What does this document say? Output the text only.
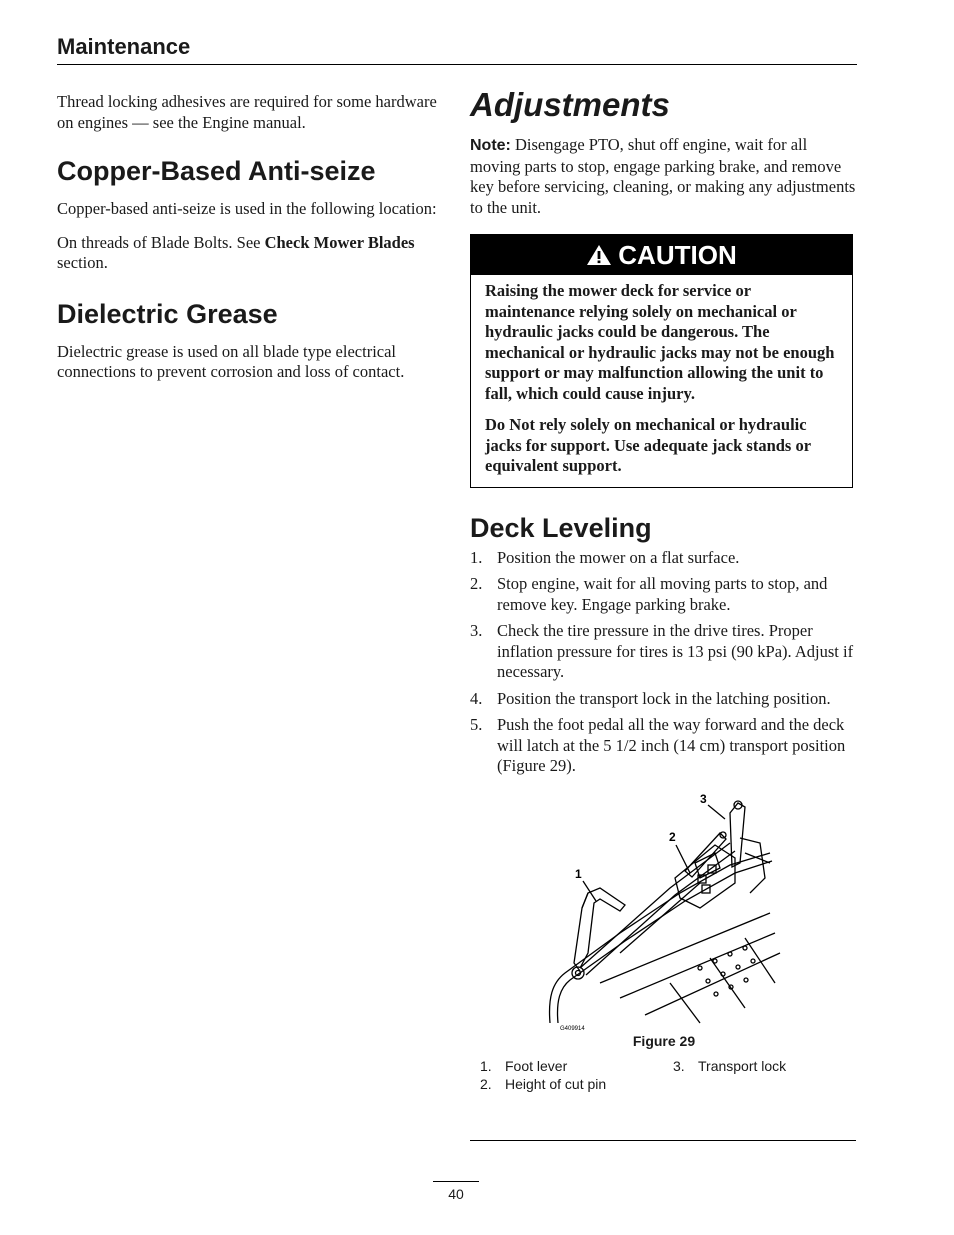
Maintenance

Thread locking adhesives are required for some hardware on engines — see the Engine manual.

Copper-Based Anti-seize

Copper-based anti-seize is used in the following location:

On threads of Blade Bolts. See Check Mower Blades section.

Dielectric Grease

Dielectric grease is used on all blade type electrical connections to prevent corrosion and loss of contact.

Adjustments

Note: Disengage PTO, shut off engine, wait for all moving parts to stop, engage parking brake, and remove key before servicing, cleaning, or making any adjustments to the unit.

CAUTION

Raising the mower deck for service or maintenance relying solely on mechanical or hydraulic jacks could be dangerous. The mechanical or hydraulic jacks may not be enough support or may malfunction allowing the unit to fall, which could cause injury.

Do Not rely solely on mechanical or hydraulic jacks for support. Use adequate jack stands or equivalent support.

Deck Leveling
1. Position the mower on a flat surface.
2. Stop engine, wait for all moving parts to stop, and remove key. Engage parking brake.
3. Check the tire pressure in the drive tires. Proper inflation pressure for tires is 13 psi (90 kPa). Adjust if necessary.
4. Position the transport lock in the latching position.
5. Push the foot pedal all the way forward and the deck will latch at the 5 1/2 inch (14 cm) transport position (Figure 29).
1
2
3
G409914
Figure 29
1. Foot lever	3. Transport lock
2. Height of cut pin
40
